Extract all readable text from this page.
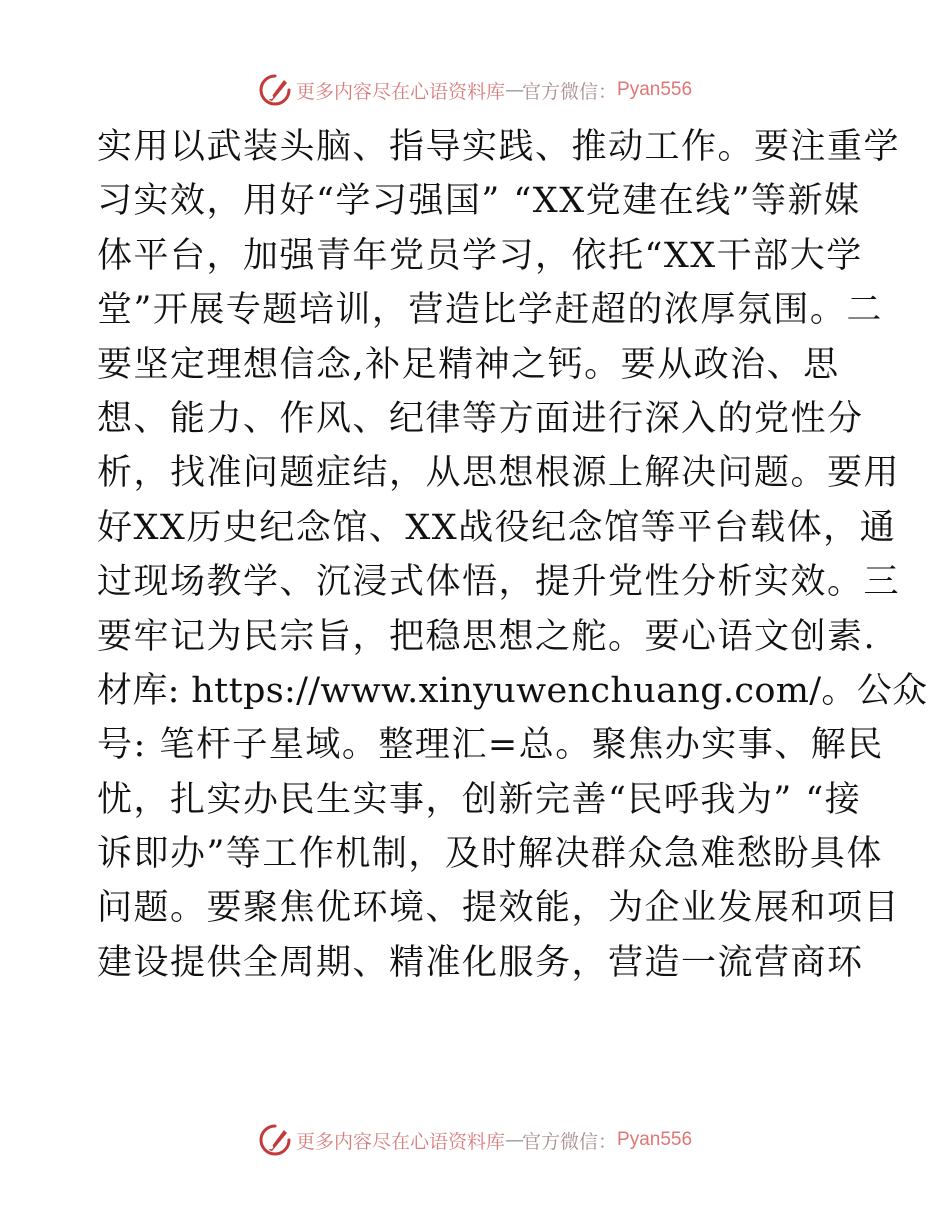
更多内容尽在心语资料库 — 官方微信 ： Pyan556
实用以武装头脑、指导实践、推动工作。要注重学
习实效，用好“学习强国” “XX党建在线”等新媒
体平台，加强青年党员学习，依托“XX干部大学
堂”开展专题培训，营造比学赶超的浓厚氛围。二
要坚定理想信念,补足精神之钙。要从政治、思
想、能力、作风、纪律等方面进行深入的党性分
析，找准问题症结，从思想根源上解决问题。要用
好XX历史纪念馆、XX战役纪念馆等平台载体，通
过现场教学、沉浸式体悟，提升党性分析实效。三
要牢记为民宗旨，把稳思想之舵。要心语文创素.
材库: https://www.xinyuwenchuang.com/。公众
号: 笔杆子星域。整理汇=总。聚焦办实事、解民
忧，扎实办民生实事，创新完善“民呼我为” “接
诉即办”等工作机制，及时解决群众急难愁盼具体
问题。要聚焦优环境、提效能，为企业发展和项目
建设提供全周期、精准化服务，营造一流营商环
更多内容尽在心语资料库 — 官方微信 ： Pyan556
